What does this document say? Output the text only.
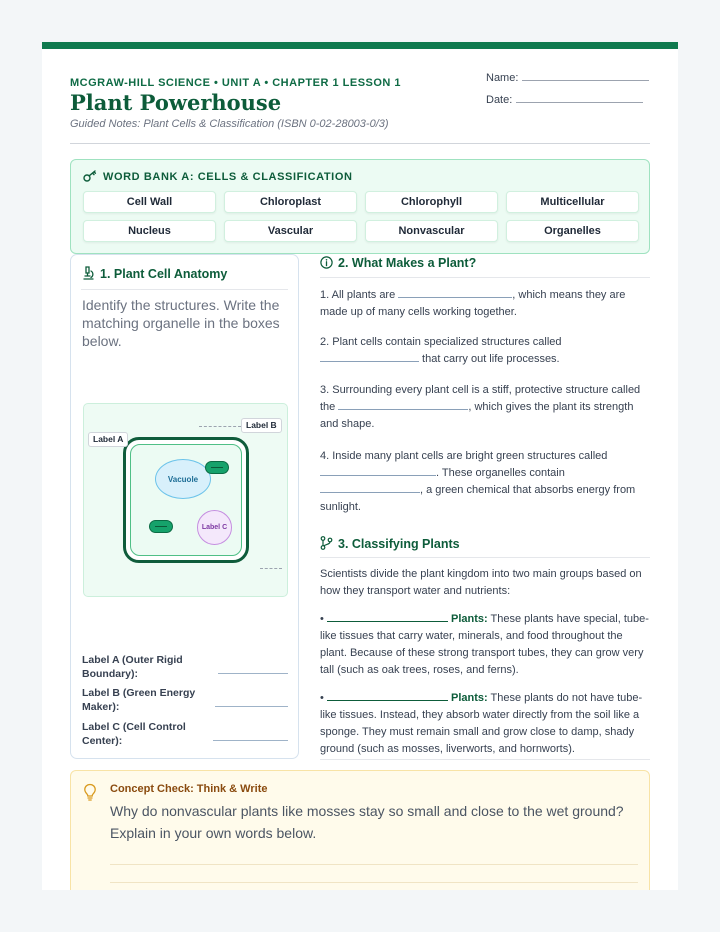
MCGRAW-HILL SCIENCE • UNIT A • CHAPTER 1 LESSON 1
Plant Powerhouse
Guided Notes: Plant Cells & Classification (ISBN 0-02-28003-0/3)
Name:
Date:
WORD BANK A: CELLS & CLASSIFICATION
Cell Wall	Chloroplast	Chlorophyll	Multicellular
Nucleus	Vascular	Nonvascular	Organelles
1. Plant Cell Anatomy
Identify the structures. Write the matching organelle in the boxes below.
Vacuole
Label C
Label A
Label B
Label A (Outer Rigid Boundary):
Label B (Green Energy Maker):
Label C (Cell Control Center):
2. What Makes a Plant?
1. All plants are	, which means they are made up of many cells working together.
2. Plant cells contain specialized structures called  that carry out life processes.
3. Surrounding every plant cell is a stiff, protective structure called the	, which gives the plant its strength and shape.
4. Inside many plant cells are bright green structures called . These organelles contain , a green chemical that absorbs energy from sunlight.
3. Classifying Plants
Scientists divide the plant kingdom into two main groups based on how they transport water and nutrients:
•	Plants: These plants have special, tube-like tissues that carry water, minerals, and food throughout the plant. Because of these strong transport tubes, they can grow very tall (such as oak trees, roses, and ferns).
•	Plants: These plants do not have tube-like tissues. Instead, they absorb water directly from the soil like a sponge. They must remain small and grow close to damp, shady ground (such as mosses, liverworts, and hornworts).
Concept Check: Think & Write
Why do nonvascular plants like mosses stay so small and close to the wet ground? Explain in your own words below.
